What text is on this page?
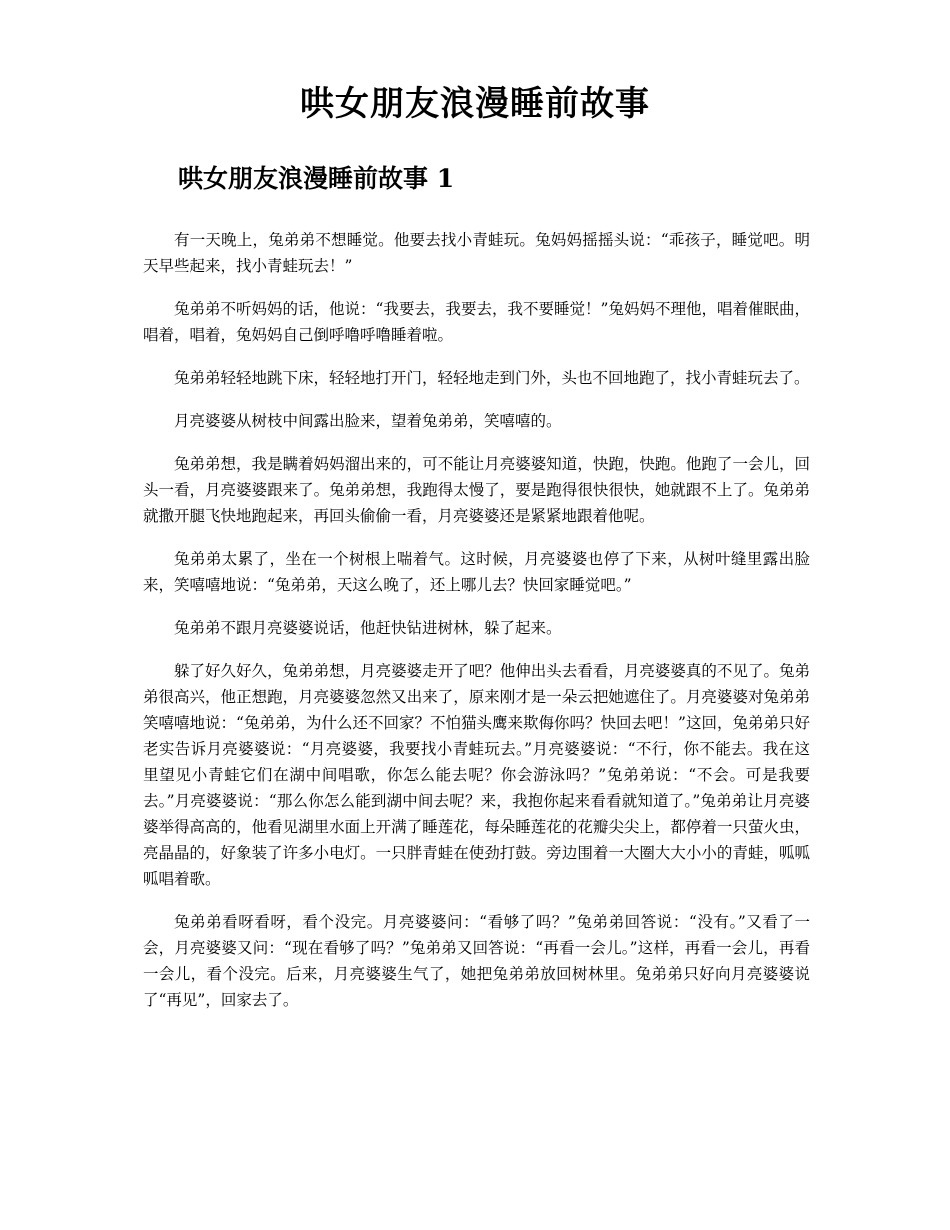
哄女朋友浪漫睡前故事
哄女朋友浪漫睡前故事 1

有一天晚上，兔弟弟不想睡觉。他要去找小青蛙玩。兔妈妈摇摇头说：“乖孩子，睡觉吧。明天早些起来，找小青蛙玩去！”

兔弟弟不听妈妈的话，他说：“我要去，我要去，我不要睡觉！”兔妈妈不理他，唱着催眠曲，唱着，唱着，兔妈妈自己倒呼噜呼噜睡着啦。

兔弟弟轻轻地跳下床，轻轻地打开门，轻轻地走到门外，头也不回地跑了，找小青蛙玩去了。

月亮婆婆从树枝中间露出脸来，望着兔弟弟，笑嘻嘻的。

兔弟弟想，我是瞒着妈妈溜出来的，可不能让月亮婆婆知道，快跑，快跑。他跑了一会儿，回头一看，月亮婆婆跟来了。兔弟弟想，我跑得太慢了，要是跑得很快很快，她就跟不上了。兔弟弟就撒开腿飞快地跑起来，再回头偷偷一看，月亮婆婆还是紧紧地跟着他呢。

兔弟弟太累了，坐在一个树根上喘着气。这时候，月亮婆婆也停了下来，从树叶缝里露出脸来，笑嘻嘻地说：“兔弟弟，天这么晚了，还上哪儿去？快回家睡觉吧。”

兔弟弟不跟月亮婆婆说话，他赶快钻进树林，躲了起来。

躲了好久好久，兔弟弟想，月亮婆婆走开了吧？他伸出头去看看，月亮婆婆真的不见了。兔弟弟很高兴，他正想跑，月亮婆婆忽然又出来了，原来刚才是一朵云把她遮住了。月亮婆婆对兔弟弟笑嘻嘻地说：“兔弟弟，为什么还不回家？不怕猫头鹰来欺侮你吗？快回去吧！”这回，兔弟弟只好老实告诉月亮婆婆说：“月亮婆婆，我要找小青蛙玩去。”月亮婆婆说：“不行，你不能去。我在这里望见小青蛙它们在湖中间唱歌，你怎么能去呢？你会游泳吗？”兔弟弟说：“不会。可是我要去。”月亮婆婆说：“那么你怎么能到湖中间去呢？来，我抱你起来看看就知道了。”兔弟弟让月亮婆婆举得高高的，他看见湖里水面上开满了睡莲花，每朵睡莲花的花瓣尖尖上，都停着一只萤火虫，亮晶晶的，好象装了许多小电灯。一只胖青蛙在使劲打鼓。旁边围着一大圈大大小小的青蛙，呱呱呱唱着歌。

兔弟弟看呀看呀，看个没完。月亮婆婆问：“看够了吗？”兔弟弟回答说：“没有。”又看了一会，月亮婆婆又问：“现在看够了吗？”兔弟弟又回答说：“再看一会儿。”这样，再看一会儿，再看一会儿，看个没完。后来，月亮婆婆生气了，她把兔弟弟放回树林里。兔弟弟只好向月亮婆婆说了“再见”，回家去了。
